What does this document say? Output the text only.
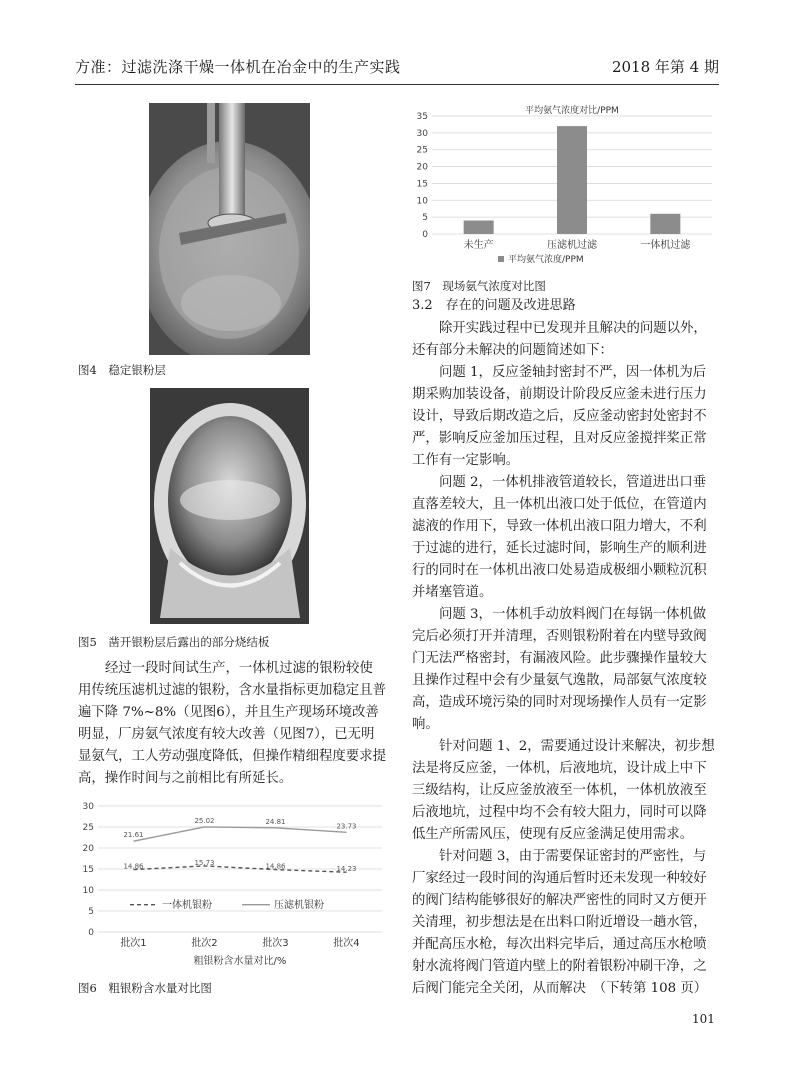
方准：过滤洗涤干燥一体机在冶金中的生产实践	2018 年第 4 期
图4　稳定银粉层
图5　凿开银粉层后露出的部分烧结板

经过一段时间试生产，一体机过滤的银粉较使用传统压滤机过滤的银粉，含水量指标更加稳定且普遍下降 7%~8%（见图6），并且生产现场环境改善明显，厂房氨气浓度有较大改善（见图7），已无明显氨气，工人劳动强度降低，但操作精细程度要求提高，操作时间与之前相比有所延长。

0
5
10
15
20
25
30
批次1	批次2	批次3	批次4
粗银粉含水量对比/%
14.86	15.73	14.86	14.23
21.61
25.02	24.81
23.73
一体机银粉	压滤机银粉
图6　粗银粉含水量对比图
平均氨气浓度对比/PPM
0
5
10
15
20
25
30
35
未生产	压滤机过滤	一体机过滤
平均氨气浓度/PPM
图7　现场氨气浓度对比图
3.2　存在的问题及改进思路

除开实践过程中已发现并且解决的问题以外，还有部分未解决的问题简述如下：

问题 1，反应釜轴封密封不严，因一体机为后期采购加装设备，前期设计阶段反应釜未进行压力设计，导致后期改造之后，反应釜动密封处密封不严，影响反应釜加压过程，且对反应釜搅拌桨正常工作有一定影响。

问题 2，一体机排液管道较长，管道进出口垂直落差较大，且一体机出液口处于低位，在管道内滤液的作用下，导致一体机出液口阻力增大，不利于过滤的进行，延长过滤时间，影响生产的顺利进行的同时在一体机出液口处易造成极细小颗粒沉积并堵塞管道。

问题 3，一体机手动放料阀门在每锅一体机做完后必须打开并清理，否则银粉附着在内壁导致阀门无法严格密封，有漏液风险。此步骤操作量较大且操作过程中会有少量氨气逸散，局部氨气浓度较高，造成环境污染的同时对现场操作人员有一定影响。

针对问题 1、2，需要通过设计来解决，初步想法是将反应釜，一体机，后液地坑，设计成上中下三级结构，让反应釜放液至一体机，一体机放液至后液地坑，过程中均不会有较大阻力，同时可以降低生产所需风压，使现有反应釜满足使用需求。

针对问题 3，由于需要保证密封的严密性，与厂家经过一段时间的沟通后暂时还未发现一种较好的阀门结构能够很好的解决严密性的同时又方便开关清理，初步想法是在出料口附近增设一趟水管，并配高压水枪，每次出料完毕后，通过高压水枪喷射水流将阀门管道内壁上的附着银粉冲刷干净，之后阀门能完全关闭，从而解决　（下转第 108 页）

101
